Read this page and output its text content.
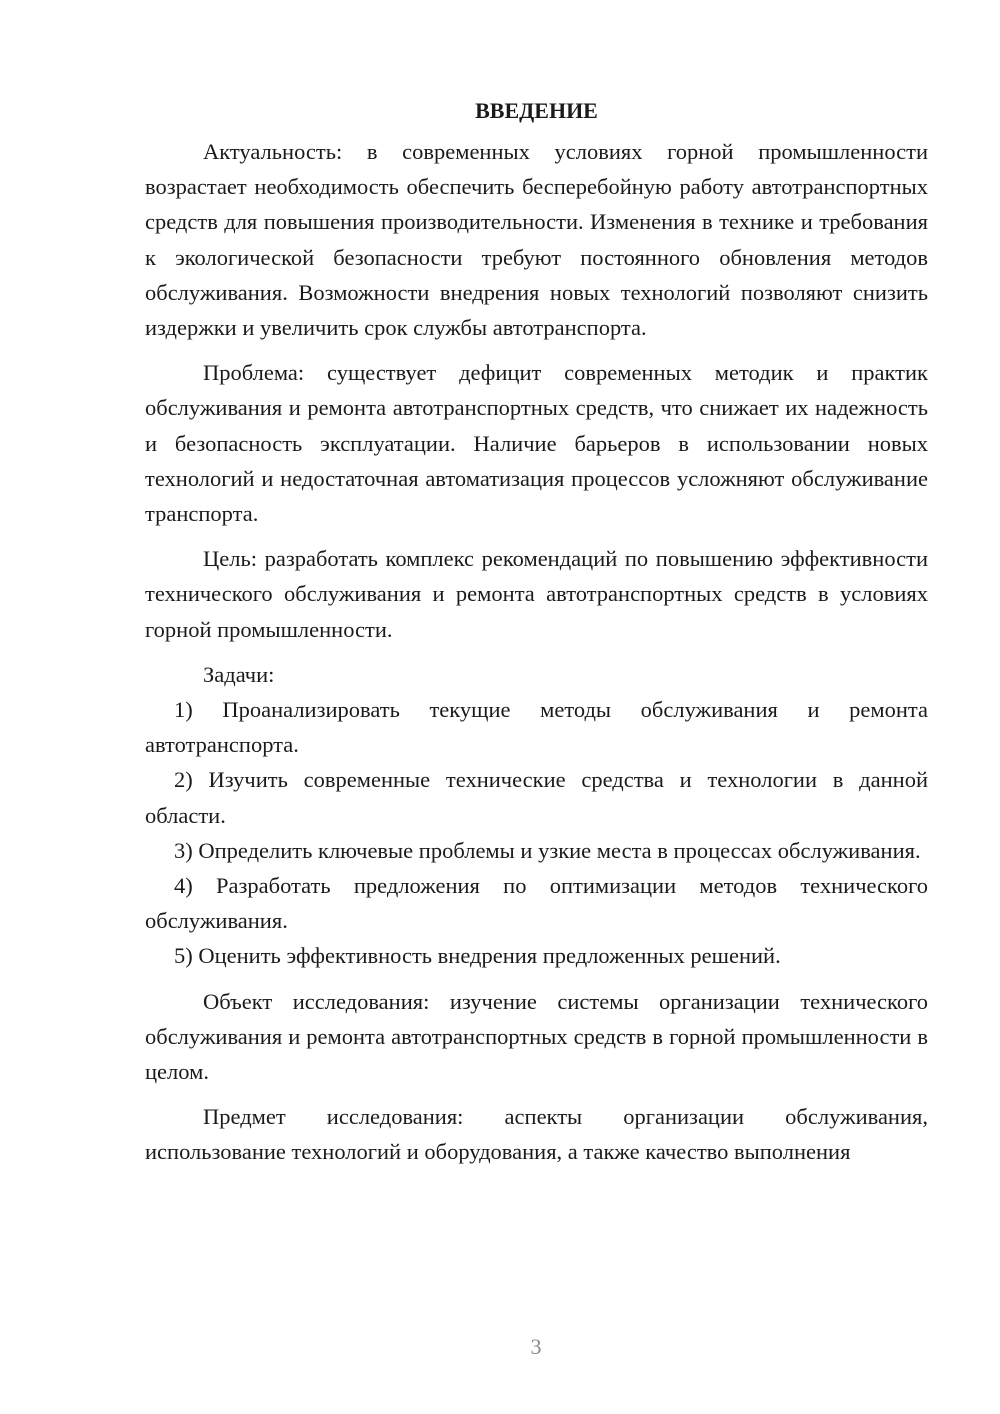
ВВЕДЕНИЕ

Актуальность: в современных условиях горной промышленности возрастает необходимость обеспечить бесперебойную работу автотранспортных средств для повышения производительности. Изменения в технике и требования к экологической безопасности требуют постоянного обновления методов обслуживания. Возможности внедрения новых технологий позволяют снизить издержки и увеличить срок службы автотранспорта.

Проблема: существует дефицит современных методик и практик обслуживания и ремонта автотранспортных средств, что снижает их надежность и безопасность эксплуатации. Наличие барьеров в использовании новых технологий и недостаточная автоматизация процессов усложняют обслуживание транспорта.

Цель: разработать комплекс рекомендаций по повышению эффективности технического обслуживания и ремонта автотранспортных средств в условиях горной промышленности.

Задачи:

1) Проанализировать текущие методы обслуживания и ремонта автотранспорта.

2) Изучить современные технические средства и технологии в данной области.

3) Определить ключевые проблемы и узкие места в процессах обслуживания.

4) Разработать предложения по оптимизации методов технического обслуживания.

5) Оценить эффективность внедрения предложенных решений.

Объект исследования: изучение системы организации технического обслуживания и ремонта автотранспортных средств в горной промышленности в целом.

Предмет исследования: аспекты организации обслуживания, использование технологий и оборудования, а также качество выполнения

3
